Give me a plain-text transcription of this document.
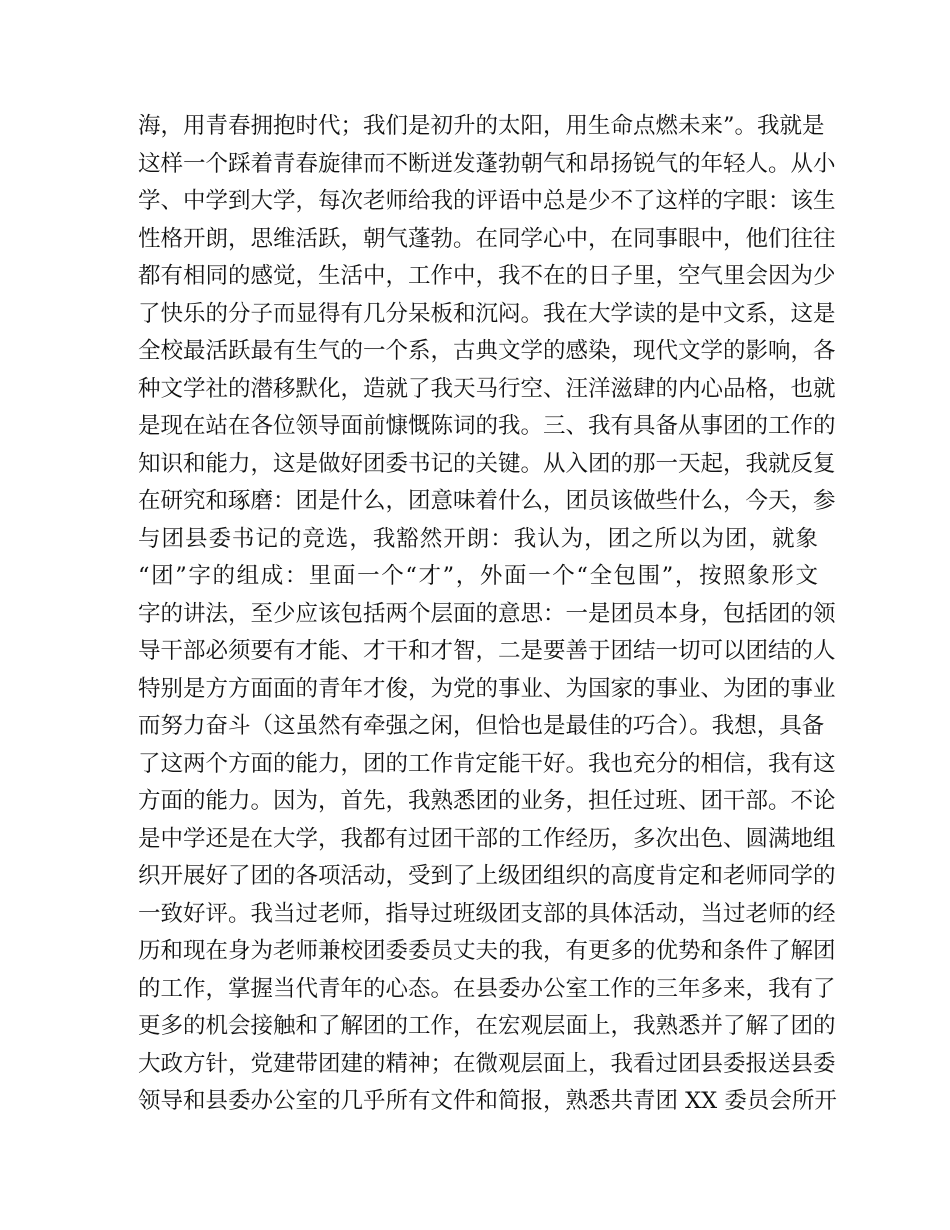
海，用青春拥抱时代；我们是初升的太阳，用生命点燃未来”。我就是
这样一个踩着青春旋律而不断迸发蓬勃朝气和昂扬锐气的年轻人。从小
学、中学到大学，每次老师给我的评语中总是少不了这样的字眼：该生
性格开朗，思维活跃，朝气蓬勃。在同学心中，在同事眼中，他们往往
都有相同的感觉，生活中，工作中，我不在的日子里，空气里会因为少
了快乐的分子而显得有几分呆板和沉闷。我在大学读的是中文系，这是
全校最活跃最有生气的一个系，古典文学的感染，现代文学的影响，各
种文学社的潜移默化，造就了我天马行空、汪洋滋肆的内心品格，也就
是现在站在各位领导面前慷慨陈词的我。三、我有具备从事团的工作的
知识和能力，这是做好团委书记的关键。从入团的那一天起，我就反复
在研究和琢磨：团是什么，团意味着什么，团员该做些什么，今天，参
与团县委书记的竞选，我豁然开朗：我认为，团之所以为团，就象
“团”字的组成：里面一个“才”，外面一个“全包围”，按照象形文
字的讲法，至少应该包括两个层面的意思：一是团员本身，包括团的领
导干部必须要有才能、才干和才智，二是要善于团结一切可以团结的人
特别是方方面面的青年才俊，为党的事业、为国家的事业、为团的事业
而努力奋斗（这虽然有牵强之闲，但恰也是最佳的巧合）。我想，具备
了这两个方面的能力，团的工作肯定能干好。我也充分的相信，我有这
方面的能力。因为，首先，我熟悉团的业务，担任过班、团干部。不论
是中学还是在大学，我都有过团干部的工作经历，多次出色、圆满地组
织开展好了团的各项活动，受到了上级团组织的高度肯定和老师同学的
一致好评。我当过老师，指导过班级团支部的具体活动，当过老师的经
历和现在身为老师兼校团委委员丈夫的我，有更多的优势和条件了解团
的工作，掌握当代青年的心态。在县委办公室工作的三年多来，我有了
更多的机会接触和了解团的工作，在宏观层面上，我熟悉并了解了团的
大政方针，党建带团建的精神；在微观层面上，我看过团县委报送县委
领导和县委办公室的几乎所有文件和简报，熟悉共青团 XX 委员会所开
